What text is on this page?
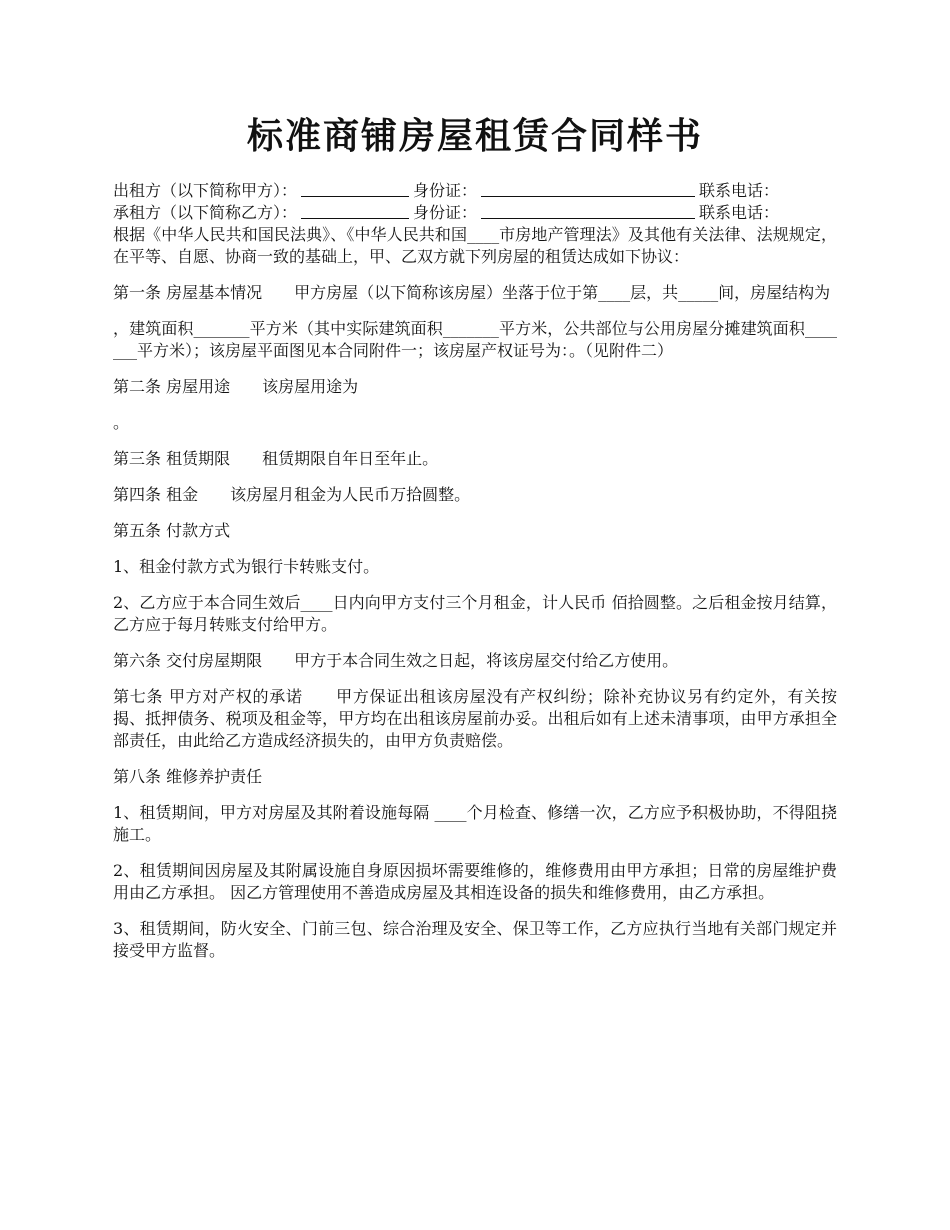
标准商铺房屋租赁合同样书
出租方（以下简称甲方）：	身份证：	联系电话：
承租方（以下简称乙方）：	身份证：	联系电话：

根据《中华人民共和国民法典》、《中华人民共和国____市房地产管理法》及其他有关法律、法规规定，在平等、自愿、协商一致的基础上，甲、乙双方就下列房屋的租赁达成如下协议：

第一条 房屋基本情况　　甲方房屋（以下简称该房屋）坐落于位于第____层，共_____间，房屋结构为

，建筑面积_______平方米（其中实际建筑面积_______平方米，公共部位与公用房屋分摊建筑面积_______平方米）；该房屋平面图见本合同附件一；该房屋产权证号为：。（见附件二）

第二条 房屋用途　　该房屋用途为

。

第三条 租赁期限　　租赁期限自年日至年止。

第四条 租金　　该房屋月租金为人民币万拾圆整。

第五条 付款方式

1、租金付款方式为银行卡转账支付。

2、乙方应于本合同生效后____日内向甲方支付三个月租金，计人民币 佰拾圆整。之后租金按月结算，乙方应于每月转账支付给甲方。

第六条 交付房屋期限　　甲方于本合同生效之日起，将该房屋交付给乙方使用。

第七条 甲方对产权的承诺　　甲方保证出租该房屋没有产权纠纷；除补充协议另有约定外，有关按揭、抵押债务、税项及租金等，甲方均在出租该房屋前办妥。出租后如有上述未清事项，由甲方承担全部责任，由此给乙方造成经济损失的，由甲方负责赔偿。

第八条 维修养护责任

1、租赁期间，甲方对房屋及其附着设施每隔 ____个月检查、修缮一次，乙方应予积极协助，不得阻挠施工。

2、租赁期间因房屋及其附属设施自身原因损坏需要维修的，维修费用由甲方承担；日常的房屋维护费用由乙方承担。 因乙方管理使用不善造成房屋及其相连设备的损失和维修费用，由乙方承担。

3、租赁期间，防火安全、门前三包、综合治理及安全、保卫等工作，乙方应执行当地有关部门规定并接受甲方监督。
